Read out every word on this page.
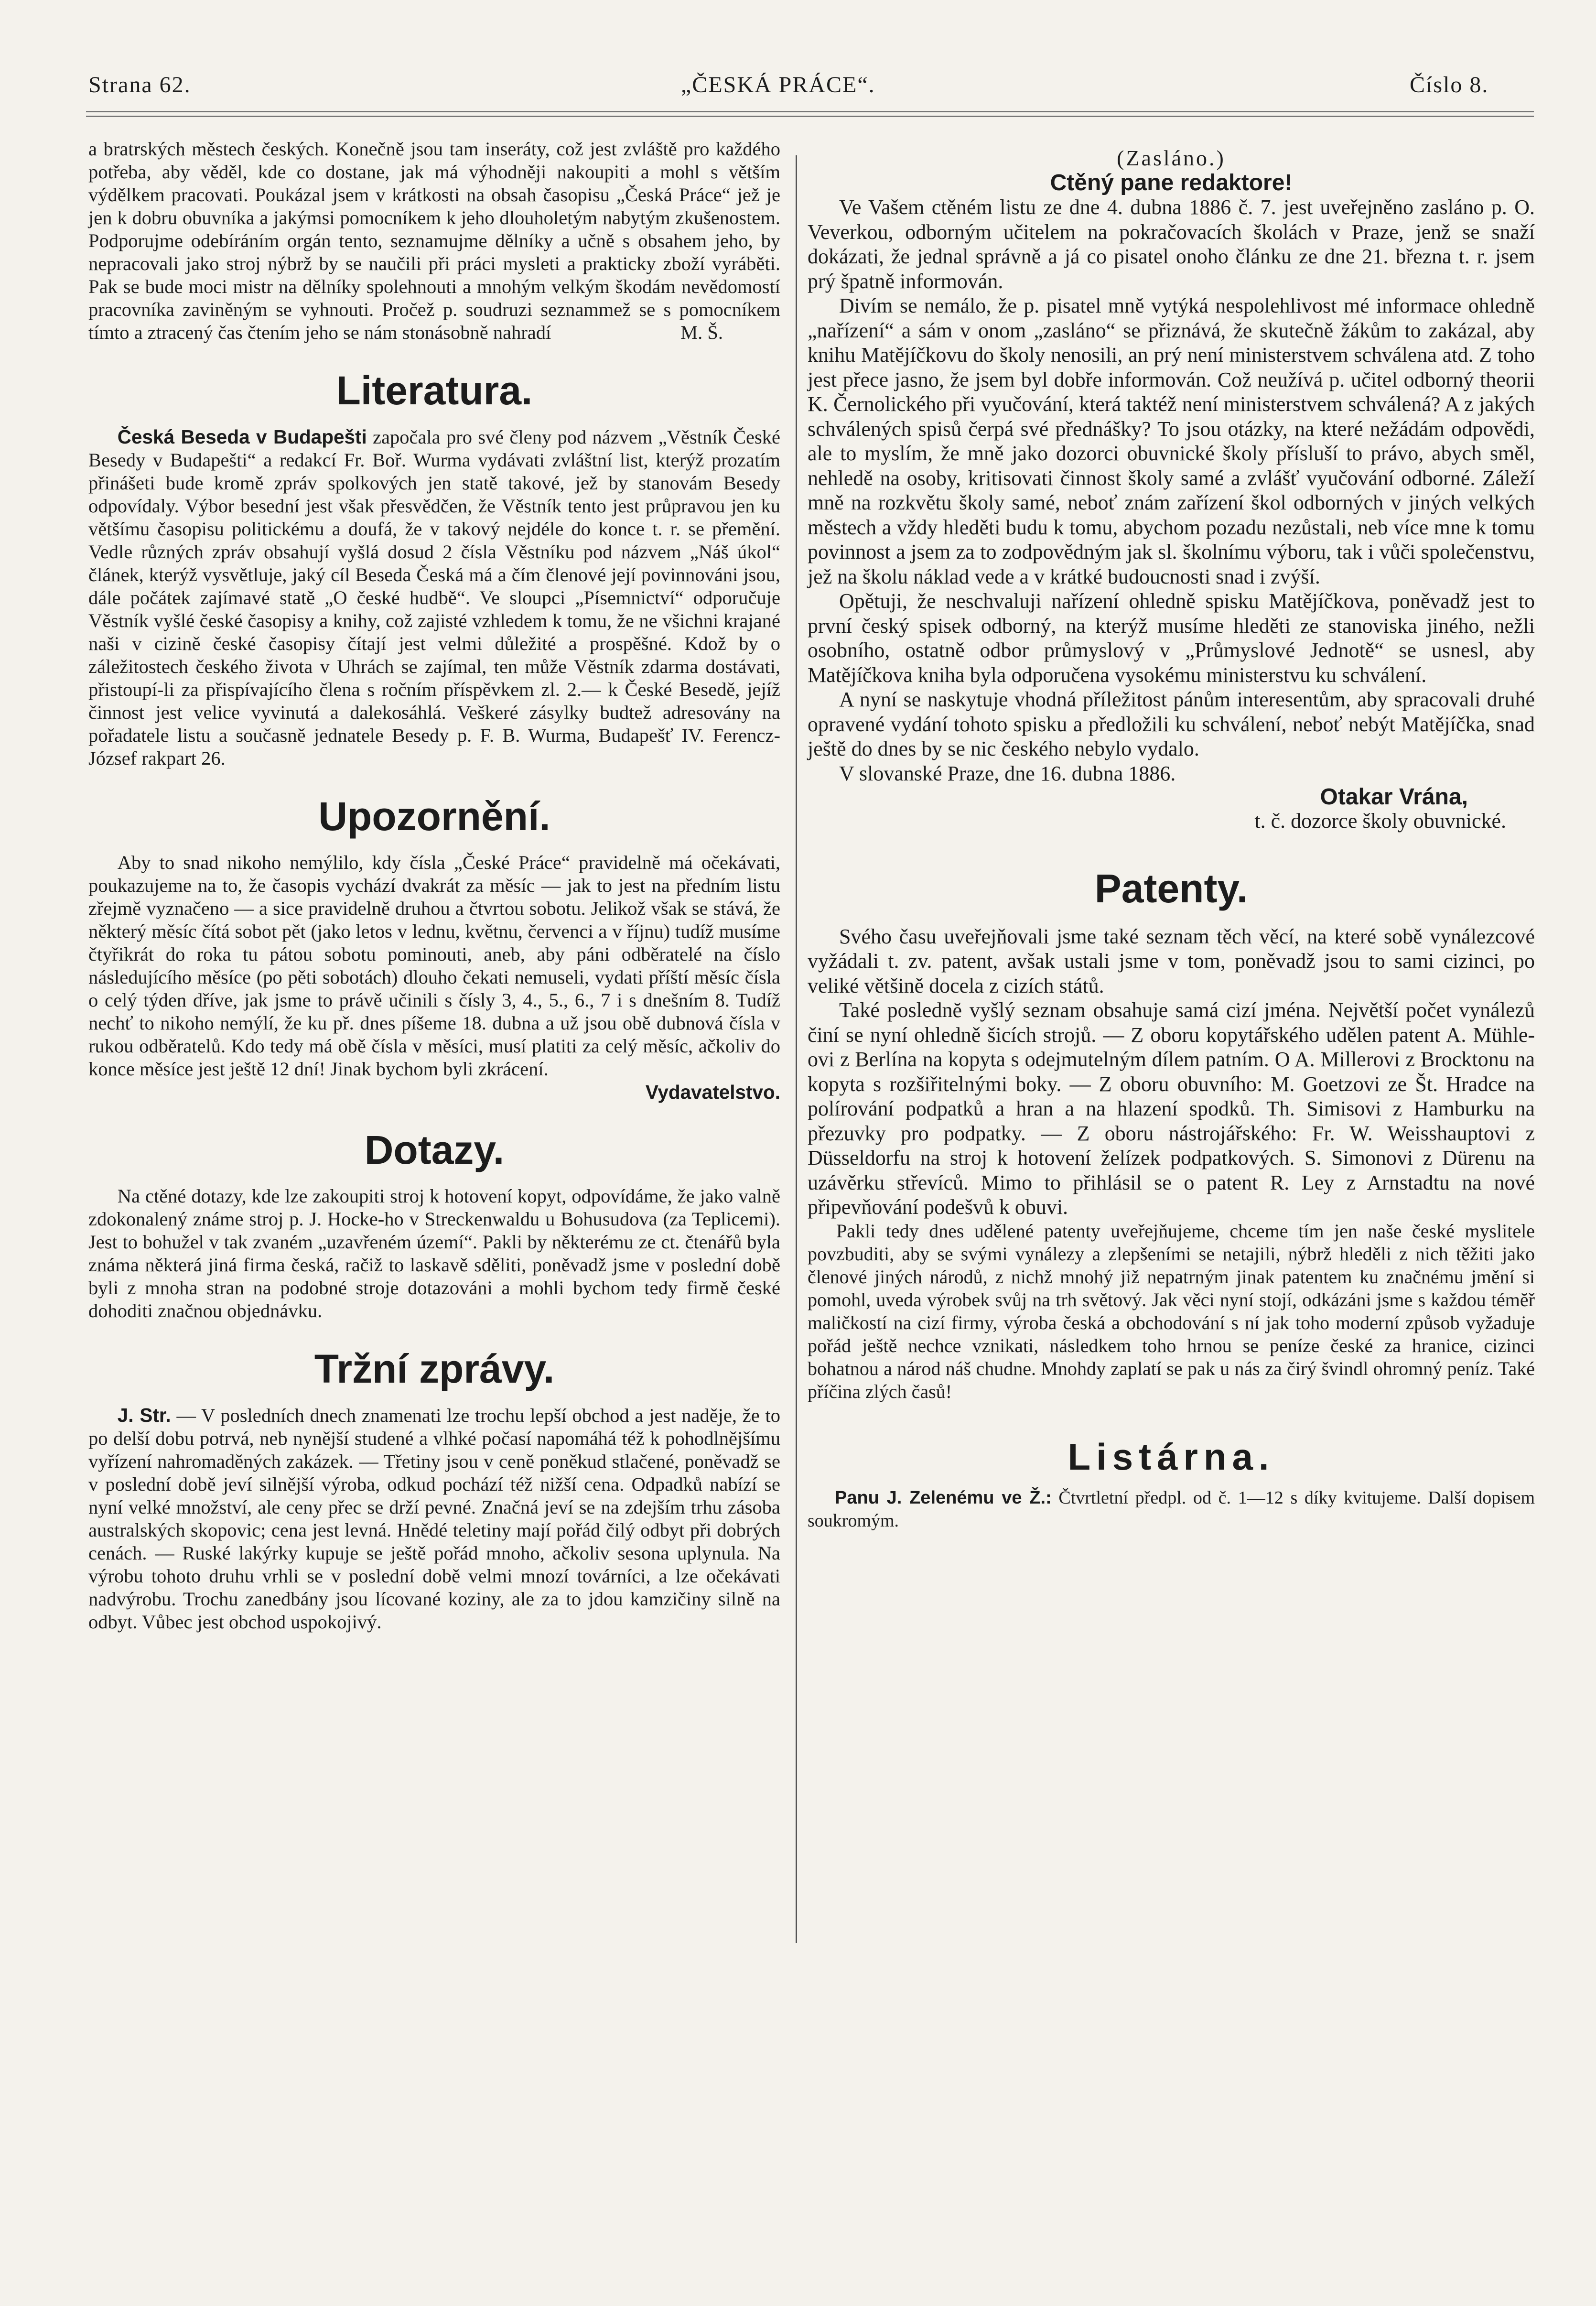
Strana 62.	„ČESKÁ PRÁCE“.	Číslo 8.

a bratrských městech českých. Konečně jsou tam inseráty, což jest zvláště pro každého potřeba, aby věděl, kde co dostane, jak má výhodněji nakoupiti a mohl s větším výdělkem pracovati. Poukázal jsem v krátkosti na obsah časopisu „Česká Práce“ jež je jen k dobru obuvníka a jakýmsi pomocníkem k jeho dlouholetým nabytým zkušenostem. Podporujme odebíráním orgán tento, seznamujme dělníky a učně s obsahem jeho, by nepracovali jako stroj nýbrž by se naučili při práci mysleti a prakticky zboží vyráběti. Pak se bude moci mistr na dělníky spolehnouti a mnohým velkým škodám nevědomostí pracovníka zaviněným se vyhnouti. Pročež p. soudruzi seznammež se s pomocníkem tímto a ztracený čas čtením jeho se nám stonásobně nahradí	M. Š.

Literatura.

Česká Beseda v Budapešti započala pro své členy pod názvem „Věstník České Besedy v Budapešti“ a redakcí Fr. Boř. Wurma vydávati zvláštní list, kterýž prozatím přinášeti bude kromě zpráv spolkových jen statě takové, jež by stanovám Besedy odpovídaly. Výbor besední jest však přesvědčen, že Věstník tento jest průpravou jen ku většímu časopisu politickému a doufá, že v takový nejdéle do konce t. r. se přemění. Vedle různých zpráv obsahují vyšlá dosud 2 čísla Věstníku pod názvem „Náš úkol“ článek, kterýž vysvětluje, jaký cíl Beseda Česká má a čím členové její povinnováni jsou, dále počátek zajímavé statě „O české hudbě“. Ve sloupci „Písemnictví“ odporučuje Věstník vyšlé české časopisy a knihy, což zajisté vzhledem k tomu, že ne všichni krajané naši v cizině české časopisy čítají jest velmi důležité a prospěšné. Kdož by o záležitostech českého života v Uhrách se zajímal, ten může Věstník zdarma dostávati, přistoupí-li za přispívajícího člena s ročním příspěvkem zl. 2.— k České Besedě, jejíž činnost jest velice vyvinutá a dalekosáhlá. Veškeré zásylky budtež adresovány na pořadatele listu a současně jednatele Besedy p. F. B. Wurma, Budapešť IV. Ferencz-József rakpart 26.

Upozornění.

Aby to snad nikoho nemýlilo, kdy čísla „České Práce“ pravidelně má očekávati, poukazujeme na to, že časopis vychází dvakrát za měsíc — jak to jest na předním listu zřejmě vyznačeno — a sice pravidelně druhou a čtvrtou sobotu. Jelikož však se stává, že některý měsíc čítá sobot pět (jako letos v lednu, květnu, červenci a v říjnu) tudíž musíme čtyřikrát do roka tu pátou sobotu pominouti, aneb, aby páni odběratelé na číslo následujícího měsíce (po pěti sobotách) dlouho čekati nemuseli, vydati příští měsíc čísla o celý týden dříve, jak jsme to právě učinili s čísly 3, 4., 5., 6., 7 i s dnešním 8. Tudíž nechť to nikoho nemýlí, že ku př. dnes píšeme 18. dubna a už jsou obě dubnová čísla v rukou odběratelů. Kdo tedy má obě čísla v měsíci, musí platiti za celý měsíc, ačkoliv do konce měsíce jest ještě 12 dní! Jinak bychom byli zkrácení.

Vydavatelstvo.
Dotazy.

Na ctěné dotazy, kde lze zakoupiti stroj k hotovení kopyt, odpovídáme, že jako valně zdokonalený známe stroj p. J. Hocke-ho v Streckenwaldu u Bohusudova (za Teplicemi). Jest to bohužel v tak zvaném „uzavřeném území“. Pakli by některému ze ct. čtenářů byla známa některá jiná firma česká, račiž to laskavě sděliti, poněvadž jsme v poslední době byli z mnoha stran na podobné stroje dotazováni a mohli bychom tedy firmě české dohoditi značnou objednávku.

Tržní zprávy.

J. Str. — V posledních dnech znamenati lze trochu lepší obchod a jest naděje, že to po delší dobu potrvá, neb nynější studené a vlhké počasí napomáhá též k pohodlnějšímu vyřízení nahromaděných zakázek. — Třetiny jsou v ceně poněkud stlačené, poněvadž se v poslední době jeví silnější výroba, odkud pochází též nižší cena. Odpadků nabízí se nyní velké množství, ale ceny přec se drží pevné. Značná jeví se na zdejším trhu zásoba australských skopovic; cena jest levná. Hnědé teletiny mají pořád čilý odbyt při dobrých cenách. — Ruské lakýrky kupuje se ještě pořád mnoho, ačkoliv sesona uplynula. Na výrobu tohoto druhu vrhli se v poslední době velmi mnozí továrníci, a lze očekávati nadvýrobu. Trochu zanedbány jsou lícované koziny, ale za to jdou kamzičiny silně na odbyt. Vůbec jest obchod uspokojivý.

(Zasláno.)

Ctěný pane redaktore!

Ve Vašem ctěném listu ze dne 4. dubna 1886 č. 7. jest uveřejněno zasláno p. O. Veverkou, odborným učitelem na pokračovacích školách v Praze, jenž se snaží dokázati, že jednal správně a já co pisatel onoho článku ze dne 21. března t. r. jsem prý špatně informován.

Divím se nemálo, že p. pisatel mně vytýká nespolehlivost mé informace ohledně „nařízení“ a sám v onom „zasláno“ se přiznává, že skutečně žákům to zakázal, aby knihu Matějíčkovu do školy nenosili, an prý není ministerstvem schválena atd. Z toho jest přece jasno, že jsem byl dobře informován. Což neužívá p. učitel odborný theorii K. Černolického při vyučování, která taktéž není ministerstvem schválená? A z jakých schválených spisů čerpá své přednášky? To jsou otázky, na které nežádám odpovědi, ale to myslím, že mně jako dozorci obuvnické školy přísluší to právo, abych směl, nehledě na osoby, kritisovati činnost školy samé a zvlášť vyučování odborné. Záleží mně na rozkvětu školy samé, neboť znám zařízení škol odborných v jiných velkých městech a vždy hleděti budu k tomu, abychom pozadu nezůstali, neb více mne k tomu povinnost a jsem za to zodpovědným jak sl. školnímu výboru, tak i vůči společenstvu, jež na školu náklad vede a v krátké budoucnosti snad i zvýší.

Opětuji, že neschvaluji nařízení ohledně spisku Matějíčkova, poněvadž jest to první český spisek odborný, na kterýž musíme hleděti ze stanoviska jiného, nežli osobního, ostatně odbor průmyslový v „Průmyslové Jednotě“ se usnesl, aby Matějíčkova kniha byla odporučena vysokému ministerstvu ku schválení.

A nyní se naskytuje vhodná příležitost pánům interesentům, aby spracovali druhé opravené vydání tohoto spisku a předložili ku schválení, neboť nebýt Matějíčka, snad ještě do dnes by se nic českého nebylo vydalo.

V slovanské Praze, dne 16. dubna 1886.

Otakar Vrána,

t. č. dozorce školy obuvnické.

Patenty.

Svého času uveřejňovali jsme také seznam těch věcí, na které sobě vynálezcové vyžádali t. zv. patent, avšak ustali jsme v tom, poněvadž jsou to sami cizinci, po veliké většině docela z cizích států.

Také poslednĕ vyšlý seznam obsahuje samá cizí jména. Největší počet vynálezů činí se nyní ohledně šicích strojů. — Z oboru kopytářského udělen patent A. Mühle-ovi z Berlína na kopyta s odejmutelným dílem patním. O A. Millerovi z Brocktonu na kopyta s rozšiřitelnými boky. — Z oboru obuvního: M. Goetzovi ze Št. Hradce na polírování podpatků a hran a na hlazení spodků. Th. Simisovi z Hamburku na přezuvky pro podpatky. — Z oboru nástrojářského: Fr. W. Weisshauptovi z Düsseldorfu na stroj k hotovení želízek podpatkových. S. Simonovi z Dürenu na uzávěrku střevíců. Mimo to přihlásil se o patent R. Ley z Arnstadtu na nové připevňování podešvů k obuvi.

Pakli tedy dnes udělené patenty uveřejňujeme, chceme tím jen naše české myslitele povzbuditi, aby se svými vynálezy a zlepšeními se netajili, nýbrž hleděli z nich těžiti jako členové jiných národů, z nichž mnohý již nepatrným jinak patentem ku značnému jmění si pomohl, uveda výrobek svůj na trh světový. Jak věci nyní stojí, odkázáni jsme s každou témĕř maličkostí na cizí firmy, výroba česká a obchodování s ní jak toho moderní způsob vyžaduje pořád ještě nechce vznikati, následkem toho hrnou se peníze české za hranice, cizinci bohatnou a národ náš chudne. Mnohdy zaplatí se pak u nás za čirý švindl ohromný peníz. Také příčina zlých časů!

Listárna.

Panu J. Zelenému ve Ž.: Čtvrtletní předpl. od č. 1—12 s díky kvitujeme. Další dopisem soukromým.
